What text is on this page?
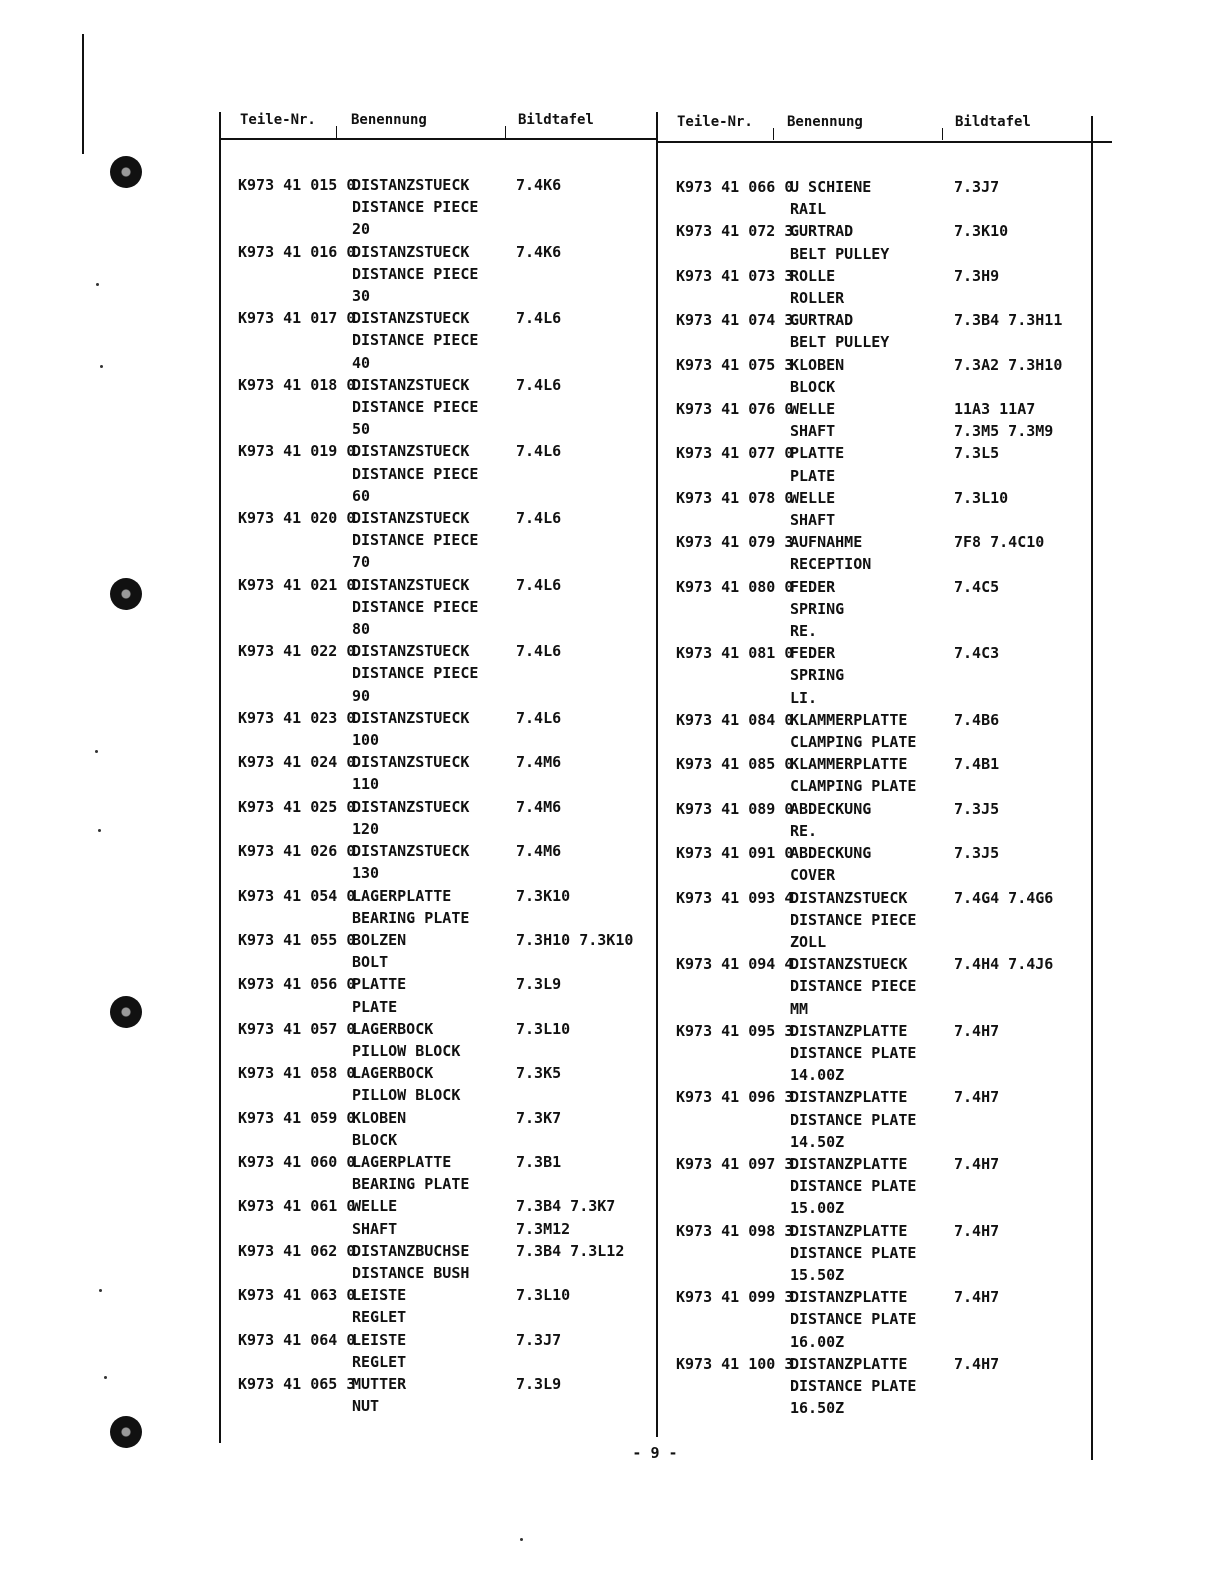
Teile-Nr.	Benennung	Bildtafel	Teile-Nr. Benennung	Bildtafel
K973 41 015 0
DISTANZSTUECK	7.4K6
DISTANCE PIECE
20
K973 41 016 0
DISTANZSTUECK	7.4K6
DISTANCE PIECE
30
K973 41 017 0
DISTANZSTUECK	7.4L6
DISTANCE PIECE
40
K973 41 018 0
DISTANZSTUECK	7.4L6
DISTANCE PIECE
50
K973 41 019 0
DISTANZSTUECK	7.4L6
DISTANCE PIECE
60
K973 41 020 0
DISTANZSTUECK	7.4L6
DISTANCE PIECE
70
K973 41 021 0
DISTANZSTUECK	7.4L6
DISTANCE PIECE
80
K973 41 022 0
DISTANZSTUECK	7.4L6
DISTANCE PIECE
90
K973 41 023 0
DISTANZSTUECK	7.4L6
100
K973 41 024 0
DISTANZSTUECK	7.4M6
110
K973 41 025 0
DISTANZSTUECK	7.4M6
120
K973 41 026 0
DISTANZSTUECK	7.4M6
130
K973 41 054 0
LAGERPLATTE	7.3K10
BEARING PLATE
K973 41 055 0
BOLZEN	7.3H10 7.3K10
BOLT
K973 41 056 0
PLATTE	7.3L9
PLATE
K973 41 057 0
LAGERBOCK	7.3L10
PILLOW BLOCK
K973 41 058 0
LAGERBOCK	7.3K5
PILLOW BLOCK
K973 41 059 0
KLOBEN	7.3K7
BLOCK
K973 41 060 0
LAGERPLATTE	7.3B1
BEARING PLATE
K973 41 061 0
WELLE	7.3B4 7.3K7
SHAFT	7.3M12
K973 41 062 0
DISTANZBUCHSE	7.3B4 7.3L12
DISTANCE BUSH
K973 41 063 0
LEISTE	7.3L10
REGLET
K973 41 064 0
LEISTE	7.3J7
REGLET
K973 41 065 3
MUTTER	7.3L9
NUT
K973 41 066 0
U SCHIENE	7.3J7
RAIL
K973 41 072 3
GURTRAD	7.3K10
BELT PULLEY
K973 41 073 3
ROLLE	7.3H9
ROLLER
K973 41 074 3
GURTRAD	7.3B4 7.3H11
BELT PULLEY
K973 41 075 3
KLOBEN	7.3A2 7.3H10
BLOCK
K973 41 076 0
WELLE	11A3 11A7
SHAFT	7.3M5 7.3M9
K973 41 077 0
PLATTE	7.3L5
PLATE
K973 41 078 0
WELLE	7.3L10
SHAFT
K973 41 079 3
AUFNAHME	7F8 7.4C10
RECEPTION
K973 41 080 0
FEDER	7.4C5
SPRING
RE.
K973 41 081 0
FEDER	7.4C3
SPRING
LI.
K973 41 084 0
KLAMMERPLATTE	7.4B6
CLAMPING PLATE
K973 41 085 0
KLAMMERPLATTE	7.4B1
CLAMPING PLATE
K973 41 089 0
ABDECKUNG	7.3J5
RE.
K973 41 091 0
ABDECKUNG	7.3J5
COVER
K973 41 093 4
DISTANZSTUECK	7.4G4 7.4G6
DISTANCE PIECE
ZOLL
K973 41 094 4
DISTANZSTUECK	7.4H4 7.4J6
DISTANCE PIECE
MM
K973 41 095 3
DISTANZPLATTE	7.4H7
DISTANCE PLATE
14.00Z
K973 41 096 3
DISTANZPLATTE	7.4H7
DISTANCE PLATE
14.50Z
K973 41 097 3
DISTANZPLATTE	7.4H7
DISTANCE PLATE
15.00Z
K973 41 098 3
DISTANZPLATTE	7.4H7
DISTANCE PLATE
15.50Z
K973 41 099 3
DISTANZPLATTE	7.4H7
DISTANCE PLATE
16.00Z
K973 41 100 3
DISTANZPLATTE	7.4H7
DISTANCE PLATE
16.50Z
- 9 -
